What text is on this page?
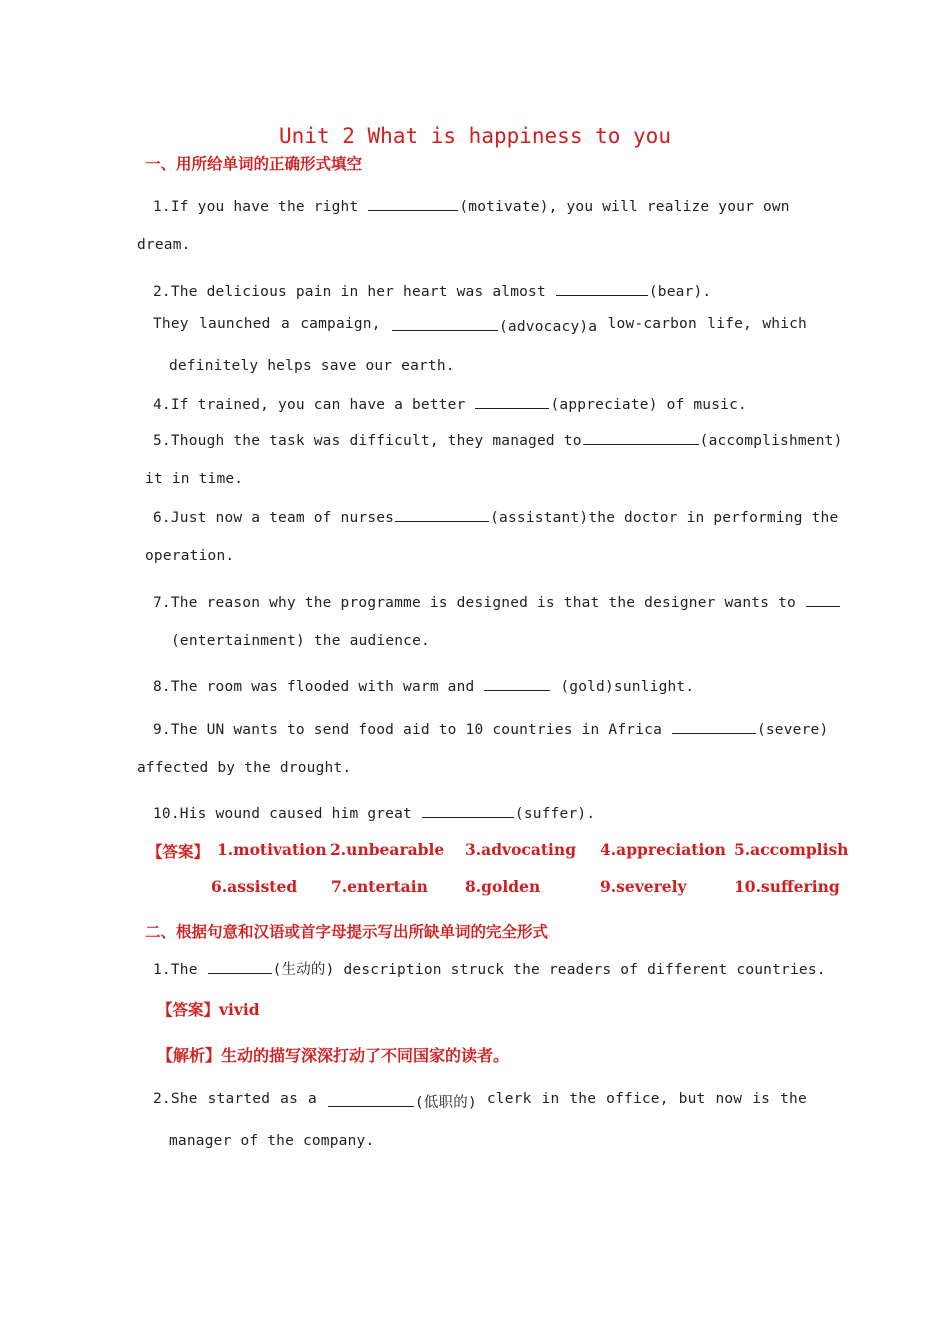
Unit 2 What is happiness to you
一、用所给单词的正确形式填空
1.If you have the right	(motivate), you will realize your own
dream.
2.The delicious pain in her heart was almost	(bear).
They launched a campaign,	(advocacy)a low-carbon life, which
definitely helps save our earth.
4.If trained, you can have a better	(appreciate) of music.
5.Though the task was difficult, they managed to	(accomplishment)
it in time.
6.Just now a team of nurses	(assistant)the doctor in performing the
operation.
7.The reason why the programme is designed is that the designer wants to
(entertainment) the audience.
8.The room was flooded with warm and	(gold)sunlight.
9.The UN wants to send food aid to 10 countries in Africa	(severe)
affected by the drought.
10.His wound caused him great	(suffer).
【答案】 1.motivation 2.unbearable 3.advocating 4.appreciation 5.accomplish
6.assisted 7.entertain 8.golden	9.severely	10.suffering
二、根据句意和汉语或首字母提示写出所缺单词的完全形式
1.The	(生动的) description struck the readers of different countries.
【答案】vivid
【解析】生动的描写深深打动了不同国家的读者。
2.She started as a	(低职的) clerk in the office, but now is the
manager of the company.
